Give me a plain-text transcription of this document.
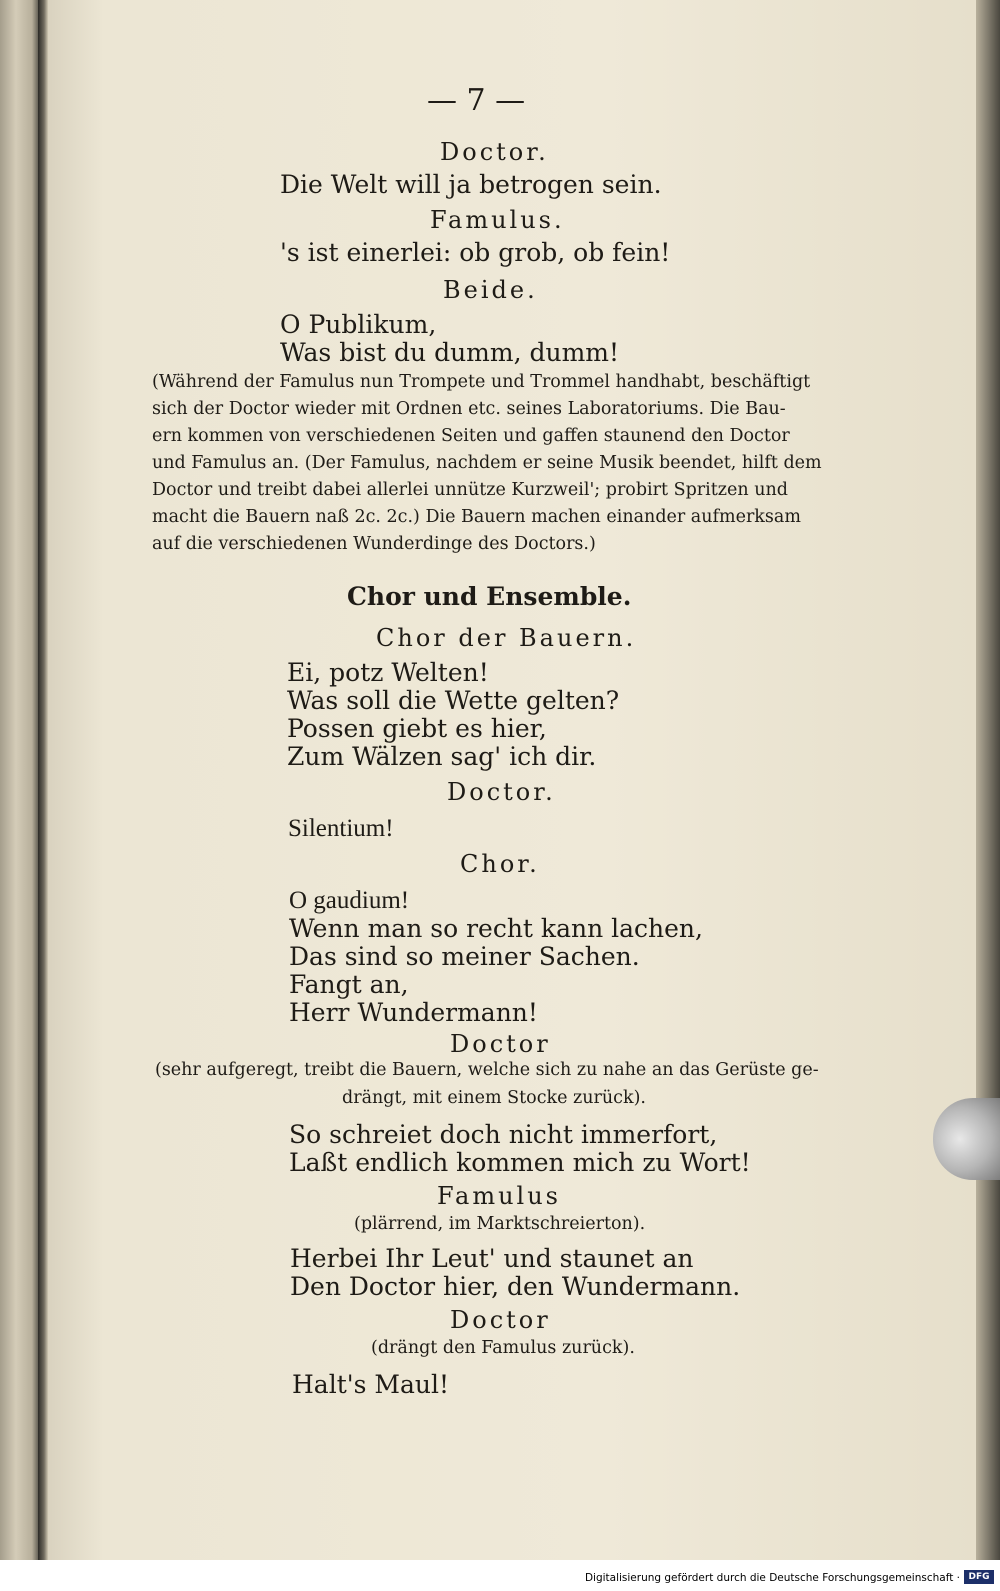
— 7 —
Doctor.
Die Welt will ja betrogen sein.
Famulus.
's ist einerlei: ob grob, ob fein!
Beide.
O Publikum,
Was bist du dumm, dumm!
(Während der Famulus nun Trompete und Trommel handhabt, beschäftigt
sich der Doctor wieder mit Ordnen etc. seines Laboratoriums. Die Bau-
ern kommen von verschiedenen Seiten und gaffen staunend den Doctor
und Famulus an. (Der Famulus, nachdem er seine Musik beendet, hilft dem
Doctor und treibt dabei allerlei unnütze Kurzweil'; probirt Spritzen und
macht die Bauern naß 2c. 2c.) Die Bauern machen einander aufmerksam
auf die verschiedenen Wunderdinge des Doctors.)
Chor und Ensemble.
Chor der Bauern.
Ei, potz Welten!
Was soll die Wette gelten?
Possen giebt es hier,
Zum Wälzen sag' ich dir.
Doctor.
Silentium!
Chor.
O gaudium!
Wenn man so recht kann lachen,
Das sind so meiner Sachen.
Fangt an,
Herr Wundermann!
Doctor
(sehr aufgeregt, treibt die Bauern, welche sich zu nahe an das Gerüste ge-
drängt, mit einem Stocke zurück).
So schreiet doch nicht immerfort,
Laßt endlich kommen mich zu Wort!
Famulus
(plärrend, im Marktschreierton).
Herbei Ihr Leut' und staunet an
Den Doctor hier, den Wundermann.
Doctor
(drängt den Famulus zurück).
Halt's Maul!
Digitalisierung gefördert durch die Deutsche Forschungsgemeinschaft · DFG
